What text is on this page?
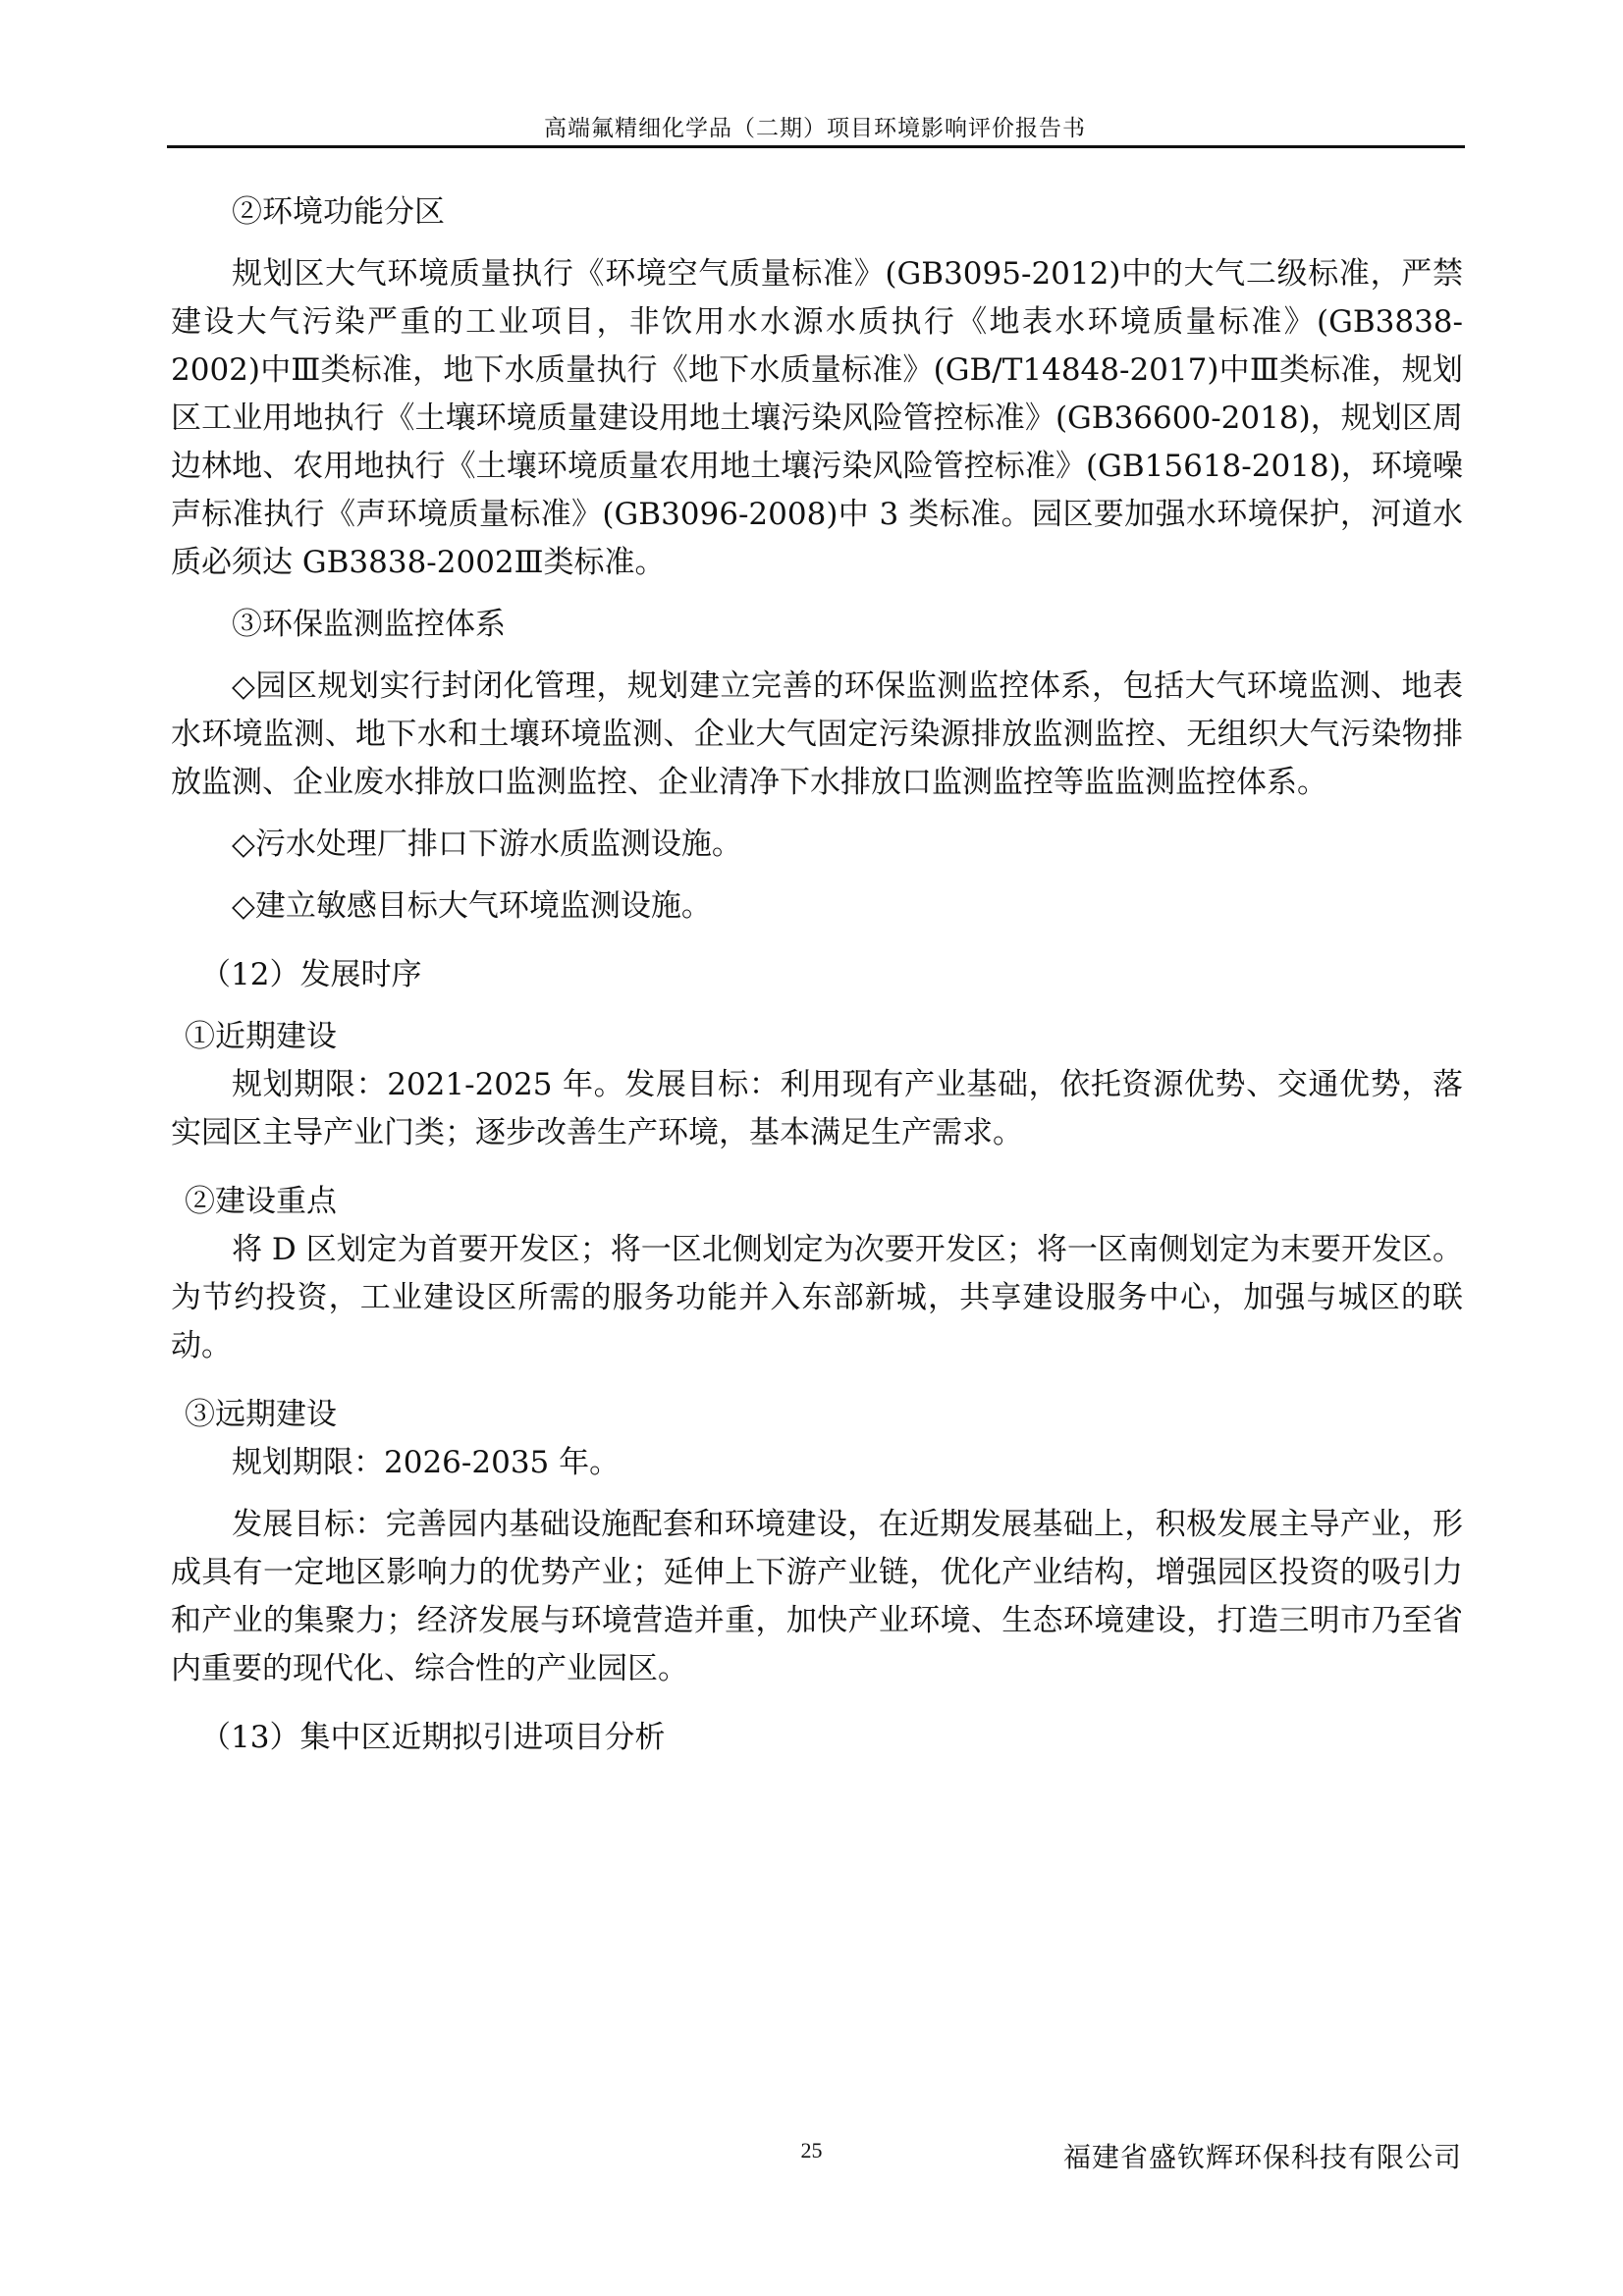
高端氟精细化学品（二期）项目环境影响评价报告书

②环境功能分区

规划区大气环境质量执行《环境空气质量标准》(GB3095-2012)中的大气二级标准，严禁建设大气污染严重的工业项目，非饮用水水源水质执行《地表水环境质量标准》(GB3838-2002)中Ⅲ类标准，地下水质量执行《地下水质量标准》(GB/T14848-2017)中Ⅲ类标准，规划区工业用地执行《土壤环境质量建设用地土壤污染风险管控标准》(GB36600-2018)，规划区周边林地、农用地执行《土壤环境质量农用地土壤污染风险管控标准》(GB15618-2018)，环境噪声标准执行《声环境质量标准》(GB3096-2008)中 3 类标准。园区要加强水环境保护，河道水质必须达 GB3838-2002Ⅲ类标准。

③环保监测监控体系

◇园区规划实行封闭化管理，规划建立完善的环保监测监控体系，包括大气环境监测、地表水环境监测、地下水和土壤环境监测、企业大气固定污染源排放监测监控、无组织大气污染物排放监测、企业废水排放口监测监控、企业清净下水排放口监测监控等监监测监控体系。

◇污水处理厂排口下游水质监测设施。

◇建立敏感目标大气环境监测设施。

（12）发展时序

①近期建设

规划期限：2021-2025 年。发展目标：利用现有产业基础，依托资源优势、交通优势，落实园区主导产业门类；逐步改善生产环境，基本满足生产需求。

②建设重点

将 D 区划定为首要开发区；将一区北侧划定为次要开发区；将一区南侧划定为末要开发区。为节约投资，工业建设区所需的服务功能并入东部新城，共享建设服务中心，加强与城区的联动。

③远期建设

规划期限：2026-2035 年。

发展目标：完善园内基础设施配套和环境建设，在近期发展基础上，积极发展主导产业，形成具有一定地区影响力的优势产业；延伸上下游产业链，优化产业结构，增强园区投资的吸引力和产业的集聚力；经济发展与环境营造并重，加快产业环境、生态环境建设，打造三明市乃至省内重要的现代化、综合性的产业园区。

（13）集中区近期拟引进项目分析

25	福建省盛钦辉环保科技有限公司
